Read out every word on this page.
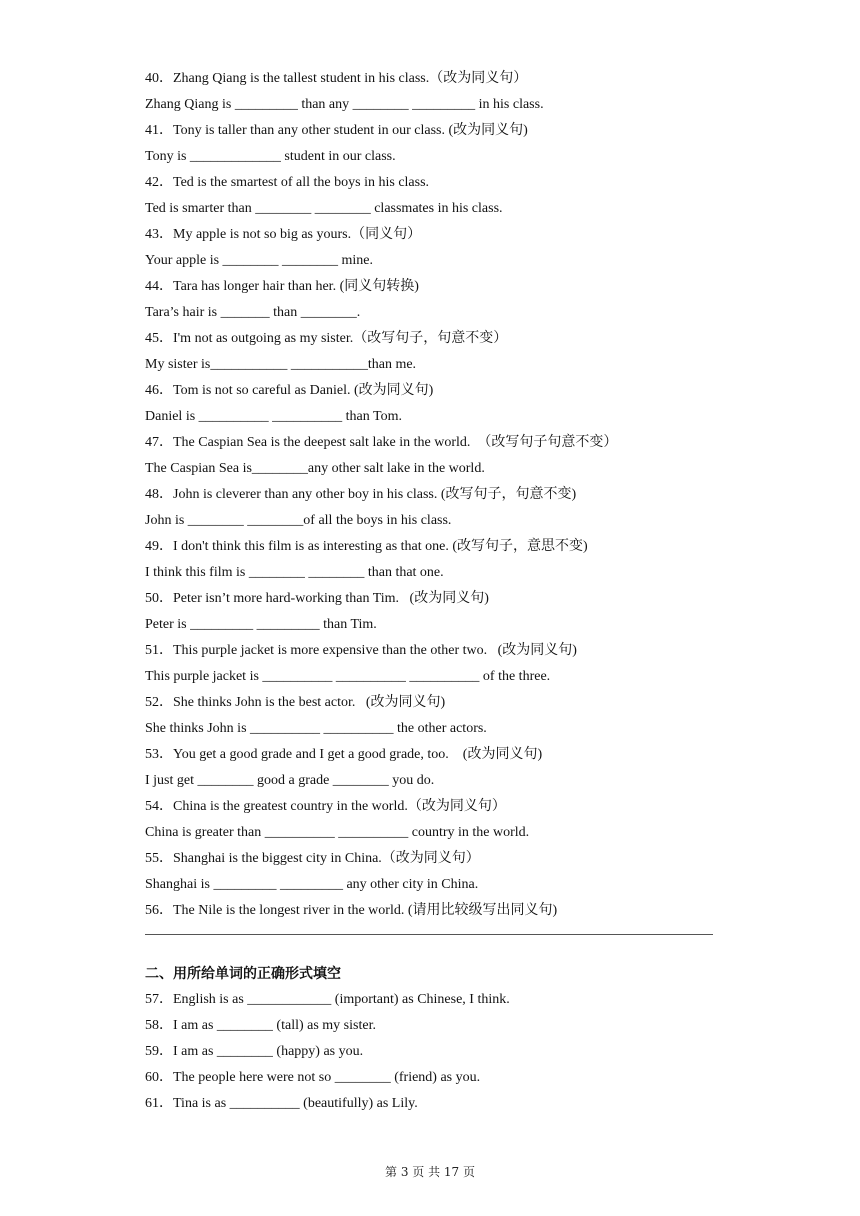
40．Zhang Qiang is the tallest student in his class.（改为同义句）
Zhang Qiang is _________ than any ________ _________ in his class.
41．Tony is taller than any other student in our class. (改为同义句)
Tony is _____________ student in our class.
42．Ted is the smartest of all the boys in his class.
Ted is smarter than ________ ________ classmates in his class.
43．My apple is not so big as yours.（同义句）
Your apple is ________ ________ mine.
44．Tara has longer hair than her. (同义句转换)
Tara’s hair is _______ than ________.
45．I'm not as outgoing as my sister.（改写句子，句意不变）
My sister is___________ ___________than me.
46．Tom is not so careful as Daniel. (改为同义句)
Daniel is __________ __________ than Tom.
47．The Caspian Sea is the deepest salt lake in the world.  （改写句子句意不变）
The Caspian Sea is________any other salt lake in the world.
48．John is cleverer than any other boy in his class. (改写句子，句意不变)
John is ________ ________of all the boys in his class.
49．I don't think this film is as interesting as that one. (改写句子，意思不变)
I think this film is ________ ________ than that one.
50．Peter isn’t more hard-working than Tim.   (改为同义句)
Peter is _________ _________ than Tim.
51．This purple jacket is more expensive than the other two.   (改为同义句)
This purple jacket is __________ __________ __________ of the three.
52．She thinks John is the best actor.   (改为同义句)
She thinks John is __________ __________ the other actors.
53．You get a good grade and I get a good grade, too.    (改为同义句)
I just get ________ good a grade ________ you do.
54．China is the greatest country in the world.（改为同义句）
China is greater than __________ __________ country in the world.
55．Shanghai is the biggest city in China.（改为同义句）
Shanghai is _________ _________ any other city in China.
56．The Nile is the longest river in the world. (请用比较级写出同义句)
二、用所给单词的正确形式填空
57．English is as ____________ (important) as Chinese, I think.
58．I am as ________ (tall) as my sister.
59．I am as ________ (happy) as you.
60．The people here were not so ________ (friend) as you.
61．Tina is as __________ (beautifully) as Lily.
第 3 页 共 17 页
